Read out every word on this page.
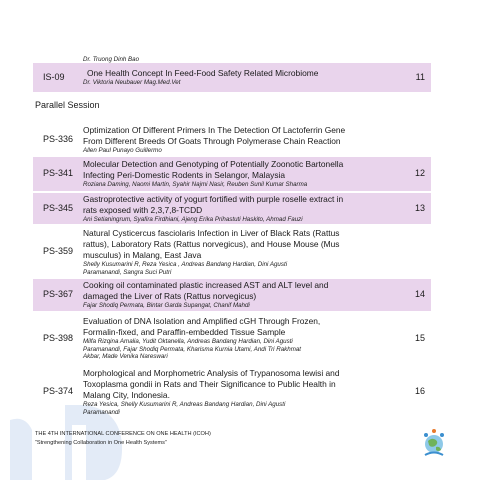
Dr. Truong Dinh Bao
IS-09	One Health Concept In Feed-Food Safety Related Microbiome
Dr. Viktoria Neubauer Mag.Med.Vet
11
PS-336
Optimization Of Different Primers In The Detection Of Lactoferrin Gene
From Different Breeds Of Goats Through Polymerase Chain Reaction
Allen Paul Punayo Guillermo
PS-341
Molecular Detection and Genotyping of Potentially Zoonotic Bartonella
Infecting Peri-Domestic Rodents in Selangor, Malaysia
Roziana Daming, Naomi Martin, Syahir Najmi Nasir, Reuben Sunil Kumar Sharma
12
PS-345
Gastroprotective activity of yogurt fortified with purple roselle extract in
rats exposed with 2,3,7,8-TCDD
Ani Setianingrum, Syafira Firdhiani, Ajeng Erika Prihastuti Haskito, Ahmad Fauzi
13
PS-359
Natural Cysticercus fasciolaris Infection in Liver of Black Rats (Rattus
rattus), Laboratory Rats (Rattus norvegicus), and House Mouse (Mus
musculus) in Malang, East Java
Shelly Kusumarini R, Reza Yesica , Andreas Bandang Hardian, Dini Agusti
Paramanandi, Sangra Suci Putri
PS-367
Cooking oil contaminated plastic increased AST and ALT level and
damaged the Liver of Rats (Rattus norvegicus)
Fajar Shodiq Permata, Bintar Garda Supangat, Chanif Mahdi
14
PS-398
Evaluation of DNA Isolation and Amplified cGH Through Frozen,
Formalin-fixed, and Paraffin-embedded Tissue Sample
Milfa Rizqina Amalia, Yudit Oktanella, Andreas Bandang Hardian, Dini Agusti
Paramanandi, Fajar Shodiq Permata, Kharisma Kurnia Utami, Andi Tri Rakhmat
Akbar, Made Venika Nareswari
15
PS-374
Morphological and Morphometric Analysis of Trypanosoma lewisi and
Toxoplasma gondii in Rats and Their Significance to Public Health in
Malang City, Indonesia.
Reza Yesica, Shelly Kusumarini R, Andreas Bandang Hardian, Dini Agusti
Paramanandi
16
Parallel Session
THE 4TH INTERNATIONAL CONFERENCE ON ONE HEALTH (ICOH)
“Strengthening Collaboration in One Health Systems”
